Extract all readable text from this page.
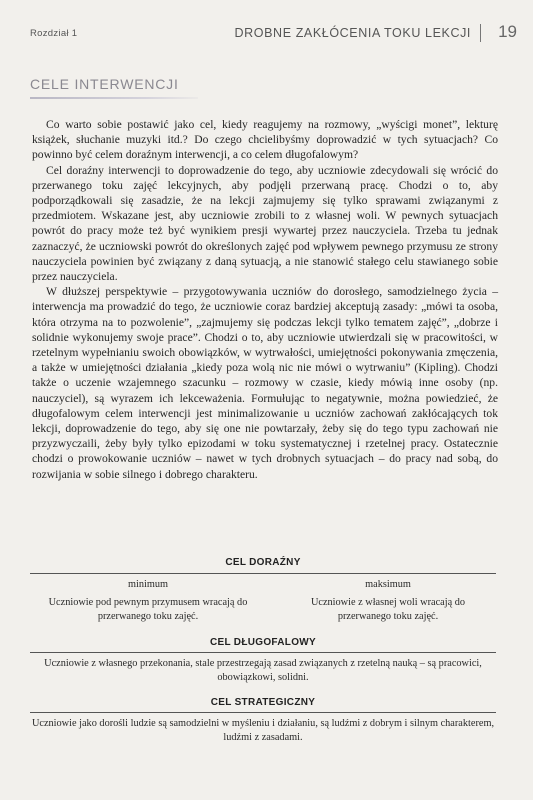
Rozdział 1	DROBNE ZAKŁÓCENIA TOKU LEKCJI 19
CELE INTERWENCJI

Co warto sobie postawić jako cel, kiedy reagujemy na rozmowy, „wyścigi monet”, lekturę książek, słuchanie muzyki itd.? Do czego chcielibyśmy doprowadzić w tych sytuacjach? Co powinno być celem doraźnym interwencji, a co celem długofalowym?

Cel doraźny interwencji to doprowadzenie do tego, aby uczniowie zdecydowali się wrócić do przerwanego toku zajęć lekcyjnych, aby podjęli przerwaną pracę. Chodzi o to, aby podporządkowali się zasadzie, że na lekcji zajmujemy się tylko sprawami związanymi z przedmiotem. Wskazane jest, aby uczniowie zrobili to z własnej woli. W pewnych sytuacjach powrót do pracy może też być wynikiem presji wywartej przez nauczyciela. Trzeba tu jednak zaznaczyć, że uczniowski powrót do określonych zajęć pod wpływem pewnego przymusu ze strony nauczyciela powinien być związany z daną sytuacją, a nie stanowić stałego celu stawianego sobie przez nauczyciela.

W dłuższej perspektywie – przygotowywania uczniów do dorosłego, samodzielnego życia – interwencja ma prowadzić do tego, że uczniowie coraz bardziej akceptują zasady: „mówi ta osoba, która otrzyma na to pozwolenie”, „zajmujemy się podczas lekcji tylko tematem zajęć”, „dobrze i solidnie wykonujemy swoje prace”. Chodzi o to, aby uczniowie utwierdzali się w pracowitości, w rzetelnym wypełnianiu swoich obowiązków, w wytrwałości, umiejętności pokonywania zmęczenia, a także w umiejętności działania „kiedy poza wolą nic nie mówi o wytrwaniu” (Kipling). Chodzi także o uczenie wzajemnego szacunku – rozmowy w czasie, kiedy mówią inne osoby (np. nauczyciel), są wyrazem ich lekceważenia. Formułując to negatywnie, można powiedzieć, że długofalowym celem interwencji jest minimalizowanie u uczniów zachowań zakłócających tok lekcji, doprowadzenie do tego, aby się one nie powtarzały, żeby się do tego typu zachowań nie przyzwyczaili, żeby były tylko epizodami w toku systematycznej i rzetelnej pracy. Ostatecznie chodzi o prowokowanie uczniów – nawet w tych drobnych sytuacjach – do pracy nad sobą, do rozwijania w sobie silnego i dobrego charakteru.

CEL DORAŹNY
minimum
Uczniowie pod pewnym przymusem wracają do przerwanego toku zajęć.
maksimum
Uczniowie z własnej woli wracają do przerwanego toku zajęć.
CEL DŁUGOFALOWY
Uczniowie z własnego przekonania, stale przestrzegają zasad związanych z rzetelną nauką – są pracowici, obowiązkowi, solidni.
CEL STRATEGICZNY
Uczniowie jako dorośli ludzie są samodzielni w myśleniu i działaniu, są ludźmi z dobrym i silnym charakterem, ludźmi z zasadami.
